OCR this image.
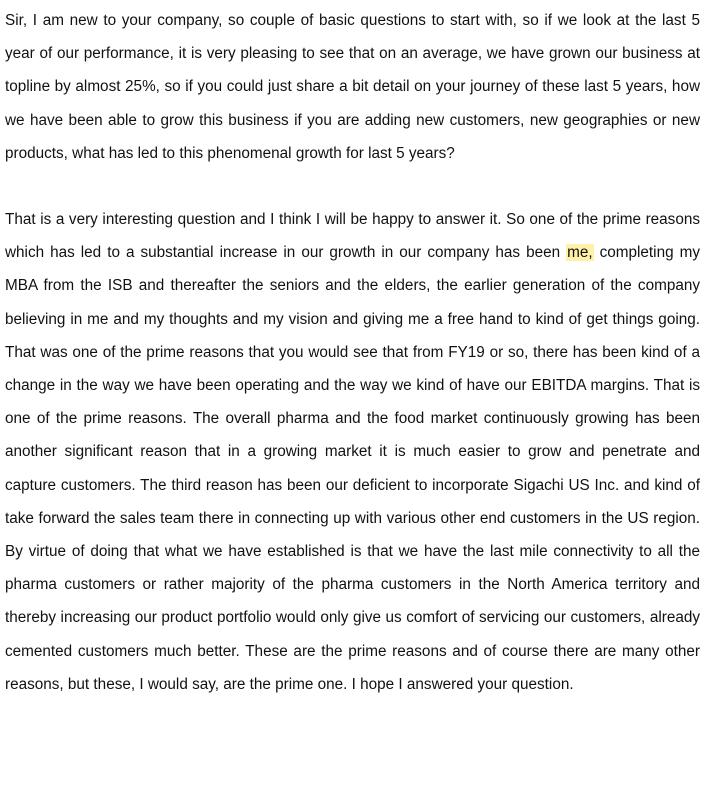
Sir, I am new to your company, so couple of basic questions to start with, so if we look at the last 5 year of our performance, it is very pleasing to see that on an average, we have grown our business at topline by almost 25%, so if you could just share a bit detail on your journey of these last 5 years, how we have been able to grow this business if you are adding new customers, new geographies or new products, what has led to this phenomenal growth for last 5 years?

That is a very interesting question and I think I will be happy to answer it. So one of the prime reasons which has led to a substantial increase in our growth in our company has been me, completing my MBA from the ISB and thereafter the seniors and the elders, the earlier generation of the company believing in me and my thoughts and my vision and giving me a free hand to kind of get things going. That was one of the prime reasons that you would see that from FY19 or so, there has been kind of a change in the way we have been operating and the way we kind of have our EBITDA margins. That is one of the prime reasons. The overall pharma and the food market continuously growing has been another significant reason that in a growing market it is much easier to grow and penetrate and capture customers. The third reason has been our deficient to incorporate Sigachi US Inc. and kind of take forward the sales team there in connecting up with various other end customers in the US region. By virtue of doing that what we have established is that we have the last mile connectivity to all the pharma customers or rather majority of the pharma customers in the North America territory and thereby increasing our product portfolio would only give us comfort of servicing our customers, already cemented customers much better. These are the prime reasons and of course there are many other reasons, but these, I would say, are the prime one. I hope I answered your question.
